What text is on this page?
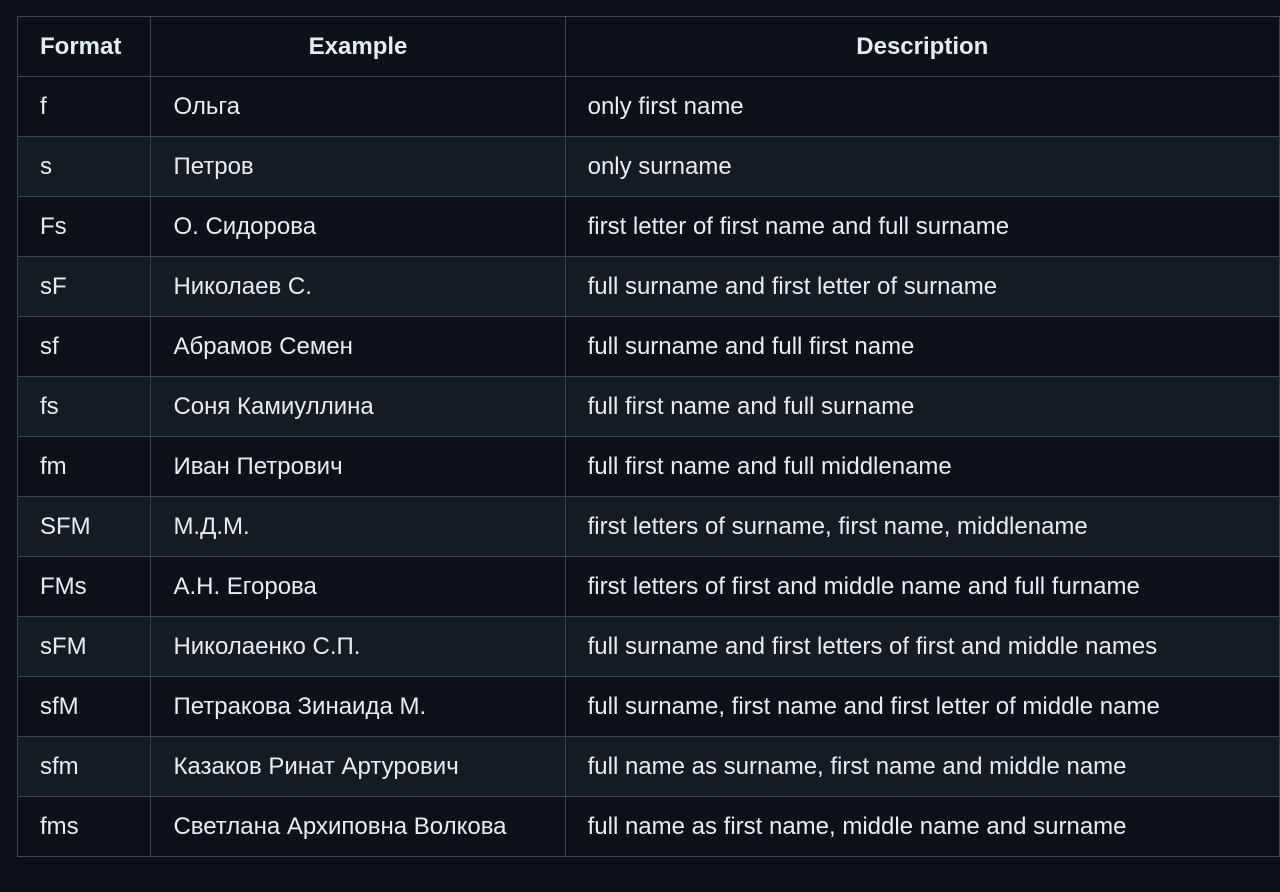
Format	Example	Description
f	Ольга	only first name
s	Петров	only surname
Fs	О. Сидорова	first letter of first name and full surname
sF	Николаев С.	full surname and first letter of surname
sf	Абрамов Семен	full surname and full first name
fs	Соня Камиуллина	full first name and full surname
fm	Иван Петрович	full first name and full middlename
SFM	М.Д.М.	first letters of surname, first name, middlename
FMs	А.Н. Егорова	first letters of first and middle name and full furname
sFM	Николаенко С.П.	full surname and first letters of first and middle names
sfM	Петракова Зинаида М.	full surname, first name and first letter of middle name
sfm	Казаков Ринат Артурович	full name as surname, first name and middle name
fms	Светлана Архиповна Волкова	full name as first name, middle name and surname
